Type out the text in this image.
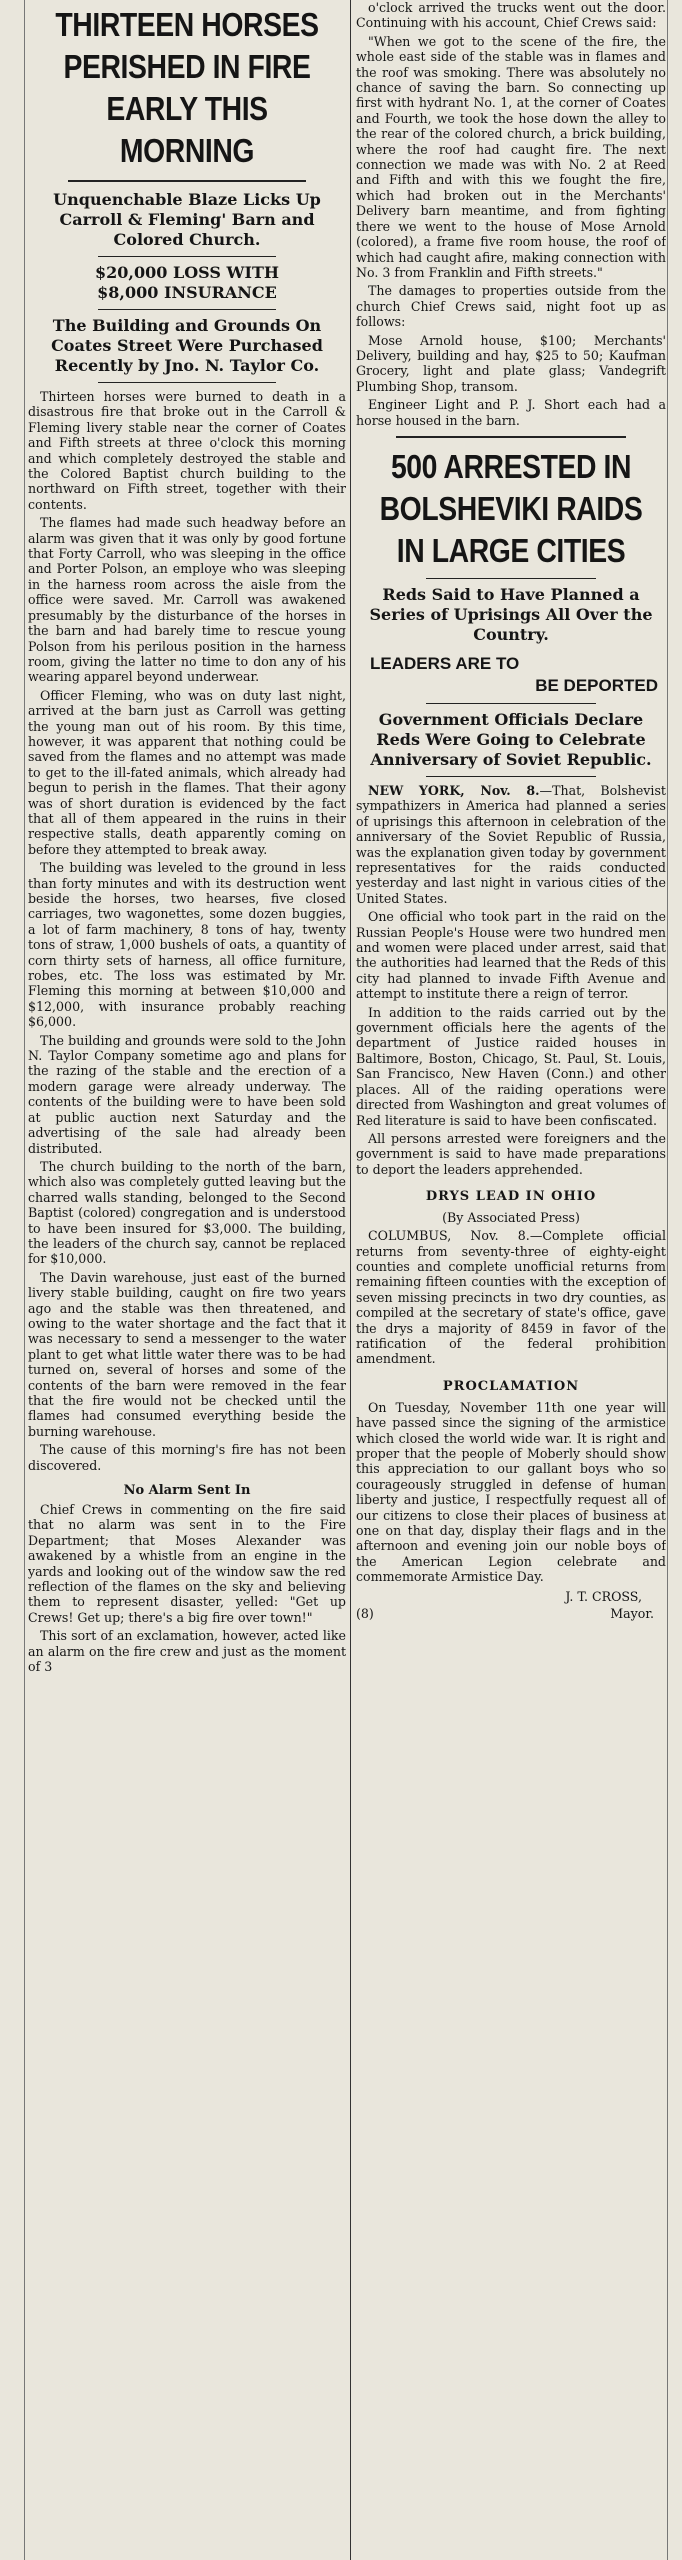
THIRTEEN HORSES
PERISHED IN FIRE
EARLY THIS MORNING
Unquenchable Blaze Licks Up Carroll & Fleming' Barn and Colored Church.
$20,000 LOSS WITH
$8,000 INSURANCE
The Building and Grounds On Coates Street Were Purchased Recently by Jno. N. Taylor Co.

Thirteen horses were burned to death in a disastrous fire that broke out in the Carroll & Fleming livery stable near the corner of Coates and Fifth streets at three o'clock this morning and which completely destroyed the stable and the Colored Baptist church building to the northward on Fifth street, together with their contents.

The flames had made such headway before an alarm was given that it was only by good fortune that Forty Carroll, who was sleeping in the office and Porter Polson, an employe who was sleeping in the harness room across the aisle from the office were saved. Mr. Carroll was awakened presumably by the disturbance of the horses in the barn and had barely time to rescue young Polson from his perilous position in the harness room, giving the latter no time to don any of his wearing apparel beyond underwear.

Officer Fleming, who was on duty last night, arrived at the barn just as Carroll was getting the young man out of his room. By this time, however, it was apparent that nothing could be saved from the flames and no attempt was made to get to the ill-fated animals, which already had begun to perish in the flames. That their agony was of short duration is evidenced by the fact that all of them appeared in the ruins in their respective stalls, death apparently coming on before they attempted to break away.

The building was leveled to the ground in less than forty minutes and with its destruction went beside the horses, two hearses, five closed carriages, two wagonettes, some dozen buggies, a lot of farm machinery, 8 tons of hay, twenty tons of straw, 1,000 bushels of oats, a quantity of corn thirty sets of harness, all office furniture, robes, etc. The loss was estimated by Mr. Fleming this morning at between $10,000 and $12,000, with insurance probably reaching $6,000.

The building and grounds were sold to the John N. Taylor Company sometime ago and plans for the razing of the stable and the erection of a modern garage were already underway. The contents of the building were to have been sold at public auction next Saturday and the advertising of the sale had already been distributed.

The church building to the north of the barn, which also was completely gutted leaving but the charred walls standing, belonged to the Second Baptist (colored) congregation and is understood to have been insured for $3,000. The building, the leaders of the church say, cannot be replaced for $10,000.

The Davin warehouse, just east of the burned livery stable building, caught on fire two years ago and the stable was then threatened, and owing to the water shortage and the fact that it was necessary to send a messenger to the water plant to get what little water there was to be had turned on, several of horses and some of the contents of the barn were removed in the fear that the fire would not be checked until the flames had consumed everything beside the burning warehouse.

The cause of this morning's fire has not been discovered.

No Alarm Sent In

Chief Crews in commenting on the fire said that no alarm was sent in to the Fire Department; that Moses Alexander was awakened by a whistle from an engine in the yards and looking out of the window saw the red reflection of the flames on the sky and believing them to represent disaster, yelled: "Get up Crews! Get up; there's a big fire over town!"

This sort of an exclamation, however, acted like an alarm on the fire crew and just as the moment of 3

o'clock arrived the trucks went out the door. Continuing with his account, Chief Crews said:

"When we got to the scene of the fire, the whole east side of the stable was in flames and the roof was smoking. There was absolutely no chance of saving the barn. So connecting up first with hydrant No. 1, at the corner of Coates and Fourth, we took the hose down the alley to the rear of the colored church, a brick building, where the roof had caught fire. The next connection we made was with No. 2 at Reed and Fifth and with this we fought the fire, which had broken out in the Merchants' Delivery barn meantime, and from fighting there we went to the house of Mose Arnold (colored), a frame five room house, the roof of which had caught afire, making connection with No. 3 from Franklin and Fifth streets."

The damages to properties outside from the church Chief Crews said, night foot up as follows:

Mose Arnold house, $100; Merchants' Delivery, building and hay, $25 to 50; Kaufman Grocery, light and plate glass; Vandegrift Plumbing Shop, transom.

Engineer Light and P. J. Short each had a horse housed in the barn.

500 ARRESTED IN
BOLSHEVIKI RAIDS
IN LARGE CITIES
Reds Said to Have Planned a Series of Uprisings All Over the Country.
LEADERS ARE TO
BE DEPORTED
Government Officials Declare Reds Were Going to Celebrate Anniversary of Soviet Republic.

NEW YORK, Nov. 8.—That, Bolshevist sympathizers in America had planned a series of uprisings this afternoon in celebration of the anniversary of the Soviet Republic of Russia, was the explanation given today by government representatives for the raids conducted yesterday and last night in various cities of the United States.

One official who took part in the raid on the Russian People's House were two hundred men and women were placed under arrest, said that the authorities had learned that the Reds of this city had planned to invade Fifth Avenue and attempt to institute there a reign of terror.

In addition to the raids carried out by the government officials here the agents of the department of Justice raided houses in Baltimore, Boston, Chicago, St. Paul, St. Louis, San Francisco, New Haven (Conn.) and other places. All of the raiding operations were directed from Washington and great volumes of Red literature is said to have been confiscated.

All persons arrested were foreigners and the government is said to have made preparations to deport the leaders apprehended.

DRYS LEAD IN OHIO
(By Associated Press)

COLUMBUS, Nov. 8.—Complete official returns from seventy-three of eighty-eight counties and complete unofficial returns from remaining fifteen counties with the exception of seven missing precincts in two dry counties, as compiled at the secretary of state's office, gave the drys a majority of 8459 in favor of the ratification of the federal prohibition amendment.

PROCLAMATION

On Tuesday, November 11th one year will have passed since the signing of the armistice which closed the world wide war. It is right and proper that the people of Moberly should show this appreciation to our gallant boys who so courageously struggled in defense of human liberty and justice, I respectfully request all of our citizens to close their places of business at one on that day, display their flags and in the afternoon and evening join our noble boys of the American Legion celebrate and commemorate Armistice Day.

J. T. CROSS,
(8)	Mayor.
